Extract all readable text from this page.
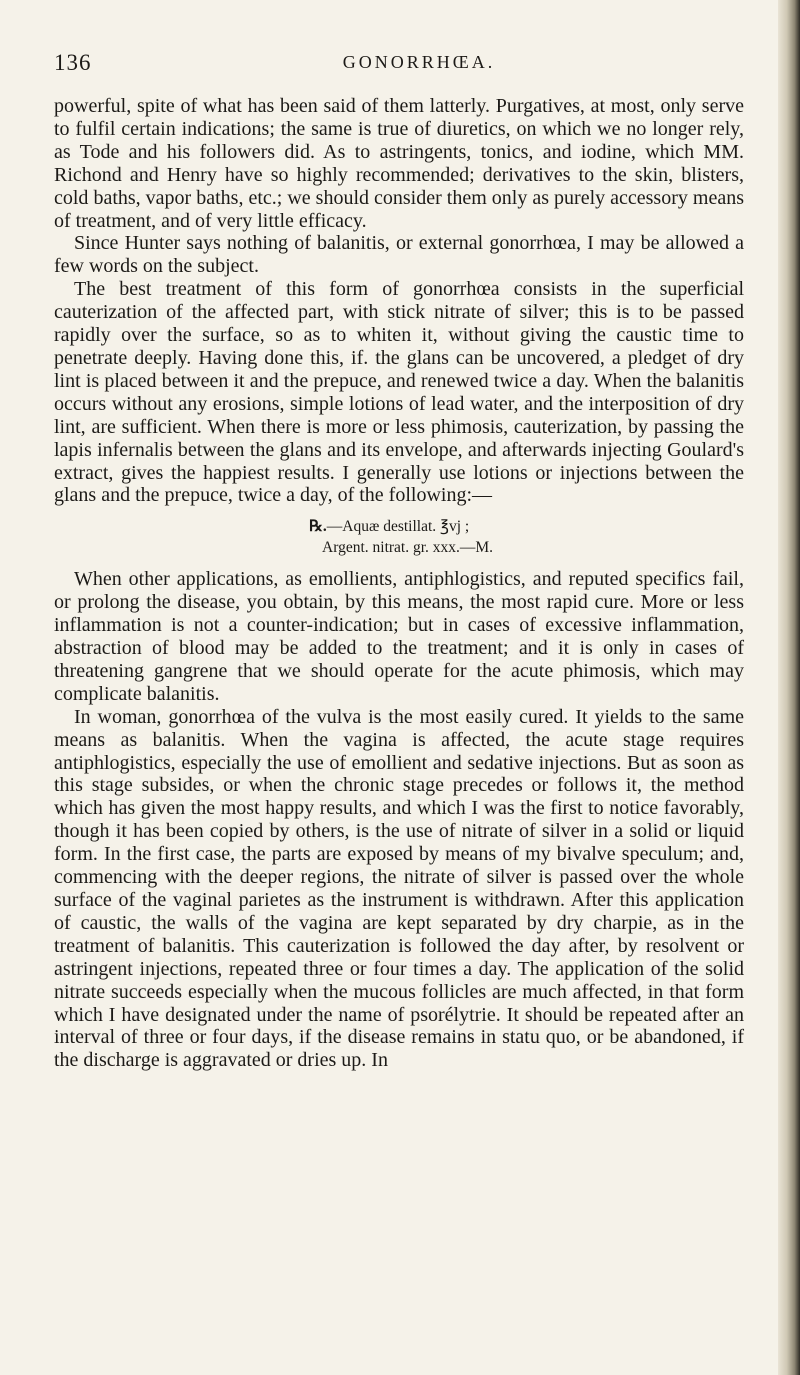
136	GONORRHŒA.

powerful, spite of what has been said of them latterly. Purgatives, at most, only serve to fulfil certain indications; the same is true of diuretics, on which we no longer rely, as Tode and his followers did. As to astringents, tonics, and iodine, which MM. Richond and Henry have so highly recommended; derivatives to the skin, blisters, cold baths, vapor baths, etc.; we should consider them only as purely accessory means of treatment, and of very little efficacy.

Since Hunter says nothing of balanitis, or external gonorrhœa, I may be allowed a few words on the subject.

The best treatment of this form of gonorrhœa consists in the superficial cauterization of the affected part, with stick nitrate of silver; this is to be passed rapidly over the surface, so as to whiten it, without giving the caustic time to penetrate deeply. Having done this, if. the glans can be uncovered, a pledget of dry lint is placed between it and the prepuce, and renewed twice a day. When the balanitis occurs without any erosions, simple lotions of lead water, and the interposition of dry lint, are sufficient. When there is more or less phimosis, cauterization, by passing the lapis infernalis between the glans and its envelope, and afterwards injecting Goulard's extract, gives the happiest results. I generally use lotions or injections between the glans and the prepuce, twice a day, of the following:—

℞.—Aquæ destillat. ℥vj ;
Argent. nitrat. gr. xxx.—M.

When other applications, as emollients, antiphlogistics, and reputed specifics fail, or prolong the disease, you obtain, by this means, the most rapid cure. More or less inflammation is not a counter-indication; but in cases of excessive inflammation, abstraction of blood may be added to the treatment; and it is only in cases of threatening gangrene that we should operate for the acute phimosis, which may complicate balanitis.

In woman, gonorrhœa of the vulva is the most easily cured. It yields to the same means as balanitis. When the vagina is affected, the acute stage requires antiphlogistics, especially the use of emollient and sedative injections. But as soon as this stage subsides, or when the chronic stage precedes or follows it, the method which has given the most happy results, and which I was the first to notice favorably, though it has been copied by others, is the use of nitrate of silver in a solid or liquid form. In the first case, the parts are exposed by means of my bivalve speculum; and, commencing with the deeper regions, the nitrate of silver is passed over the whole surface of the vaginal parietes as the instrument is withdrawn. After this application of caustic, the walls of the vagina are kept separated by dry charpie, as in the treatment of balanitis. This cauterization is followed the day after, by resolvent or astringent injections, repeated three or four times a day. The application of the solid nitrate succeeds especially when the mucous follicles are much affected, in that form which I have designated under the name of psorélytrie. It should be repeated after an interval of three or four days, if the disease remains in statu quo, or be abandoned, if the discharge is aggravated or dries up. In
